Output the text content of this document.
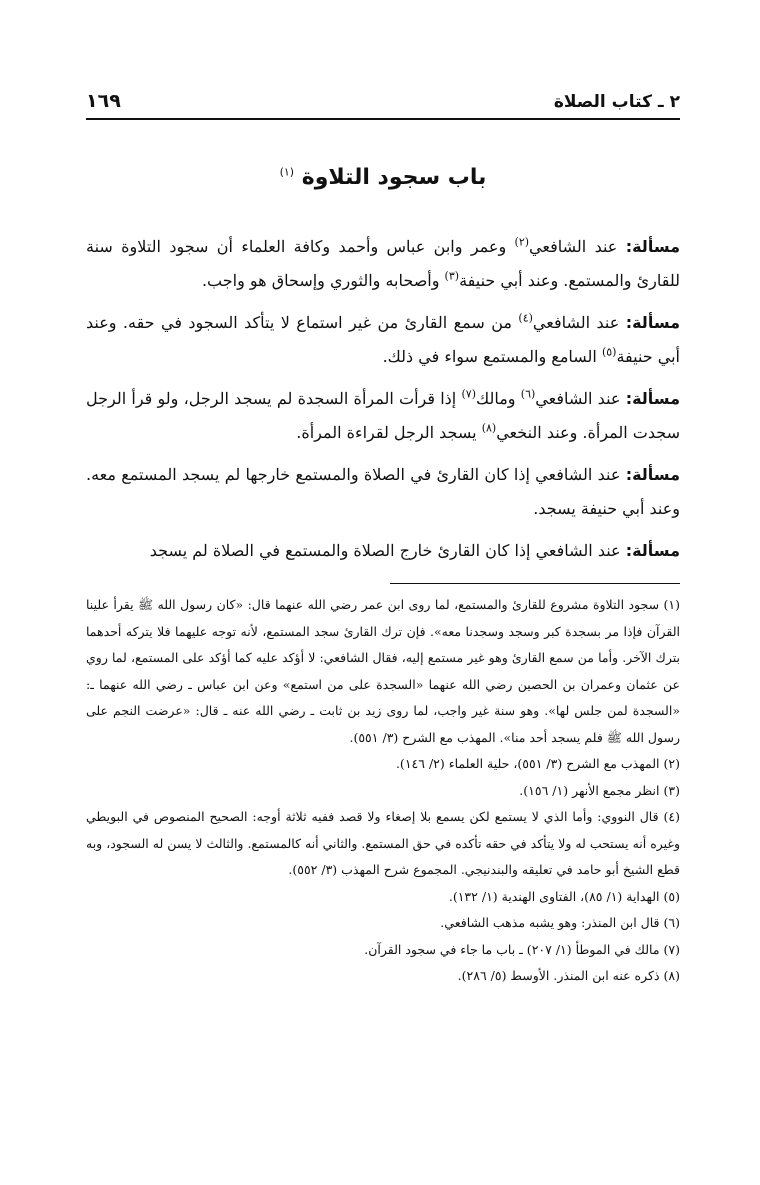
٢ ـ كتاب الصلاة
١٦٩
باب سجود التلاوة $^{(١)}$

مسألة: عند الشافعي$^{(٢)}$ وعمر وابن عباس وأحمد وكافة العلماء أن سجود التلاوة سنة للقارئ والمستمع. وعند أبي حنيفة$^{(٣)}$ وأصحابه والثوري وإسحاق هو واجب.

مسألة: عند الشافعي$^{(٤)}$ من سمع القارئ من غير استماع لا يتأكد السجود في حقه. وعند أبي حنيفة$^{(٥)}$ السامع والمستمع سواء في ذلك.

مسألة: عند الشافعي$^{(٦)}$ ومالك$^{(٧)}$ إذا قرأت المرأة السجدة لم يسجد الرجل، ولو قرأ الرجل سجدت المرأة. وعند النخعي$^{(٨)}$ يسجد الرجل لقراءة المرأة.

مسألة: عند الشافعي إذا كان القارئ في الصلاة والمستمع خارجها لم يسجد المستمع معه. وعند أبي حنيفة يسجد.

مسألة: عند الشافعي إذا كان القارئ خارج الصلاة والمستمع في الصلاة لم يسجد

(١) سجود التلاوة مشروع للقارئ والمستمع، لما روى ابن عمر رضي الله عنهما قال: «كان رسول الله ﷺ يقرأ علينا القرآن فإذا مر بسجدة كبر وسجد وسجدنا معه». فإن ترك القارئ سجد المستمع، لأنه توجه عليهما فلا يتركه أحدهما بترك الآخر. وأما من سمع القارئ وهو غير مستمع إليه، فقال الشافعي: لا أؤكد عليه كما أؤكد على المستمع، لما روي عن عثمان وعمران بن الحصين رضي الله عنهما «السجدة على من استمع» وعن ابن عباس ـ رضي الله عنهما ـ: «السجدة لمن جلس لها». وهو سنة غير واجب، لما روى زيد بن ثابت ـ رضي الله عنه ـ قال: «عرضت النجم على رسول الله ﷺ فلم يسجد أحد منا». المهذب مع الشرح (٣/ ٥٥١).

(٢) المهذب مع الشرح (٣/ ٥٥١)، حلية العلماء (٢/ ١٤٦).

(٣) انظر مجمع الأنهر (١/ ١٥٦).

(٤) قال النووي: وأما الذي لا يستمع لكن يسمع بلا إصغاء ولا قصد ففيه ثلاثة أوجه: الصحيح المنصوص في البويطي وغيره أنه يستحب له ولا يتأكد في حقه تأكده في حق المستمع. والثاني أنه كالمستمع. والثالث لا يسن له السجود، وبه قطع الشيخ أبو حامد في تعليقه والبندنيجي. المجموع شرح المهذب (٣/ ٥٥٢).

(٥) الهداية (١/ ٨٥)، الفتاوى الهندية (١/ ١٣٢).

(٦) قال ابن المنذر: وهو يشبه مذهب الشافعي.

(٧) مالك في الموطأ (١/ ٢٠٧) ـ باب ما جاء في سجود القرآن.

(٨) ذكره عنه ابن المنذر. الأوسط (٥/ ٢٨٦).
